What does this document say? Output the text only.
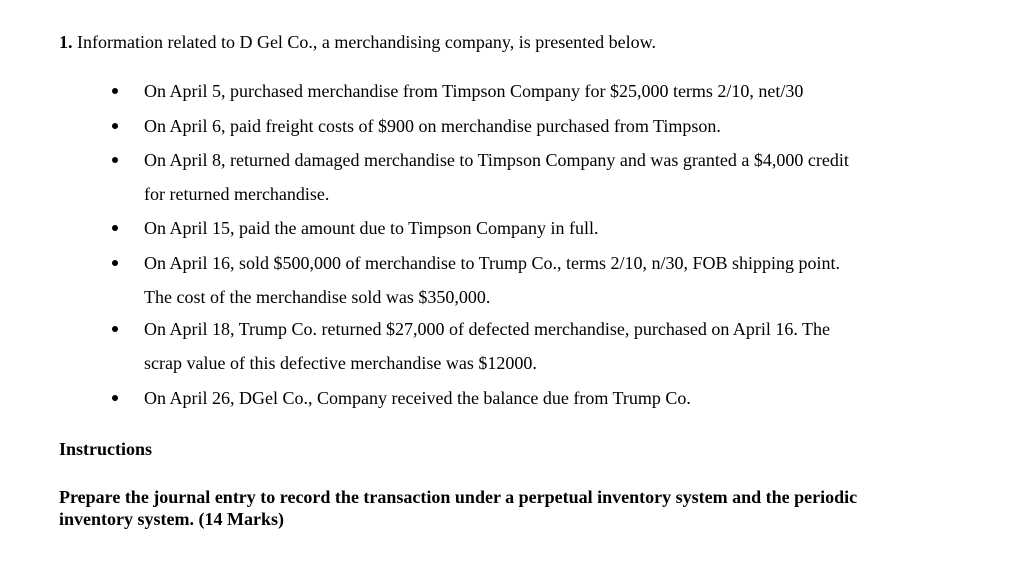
1. Information related to D Gel Co., a merchandising company, is presented below.
On April 5, purchased merchandise from Timpson Company for $25,000 terms 2/10, net/30
On April 6, paid freight costs of $900 on merchandise purchased from Timpson.
On April 8, returned damaged merchandise to Timpson Company and was granted a $4,000 credit for returned merchandise.
On April 15, paid the amount due to Timpson Company in full.
On April 16, sold $500,000 of merchandise to Trump Co., terms 2/10, n/30, FOB shipping point. The cost of the merchandise sold was $350,000.
On April 18, Trump Co. returned $27,000 of defected merchandise, purchased on April 16. The scrap value of this defective merchandise was $12000.
On April 26, DGel Co., Company received the balance due from Trump Co.
Instructions
Prepare the journal entry to record the transaction under a perpetual inventory system and the periodic inventory system. (14 Marks)
